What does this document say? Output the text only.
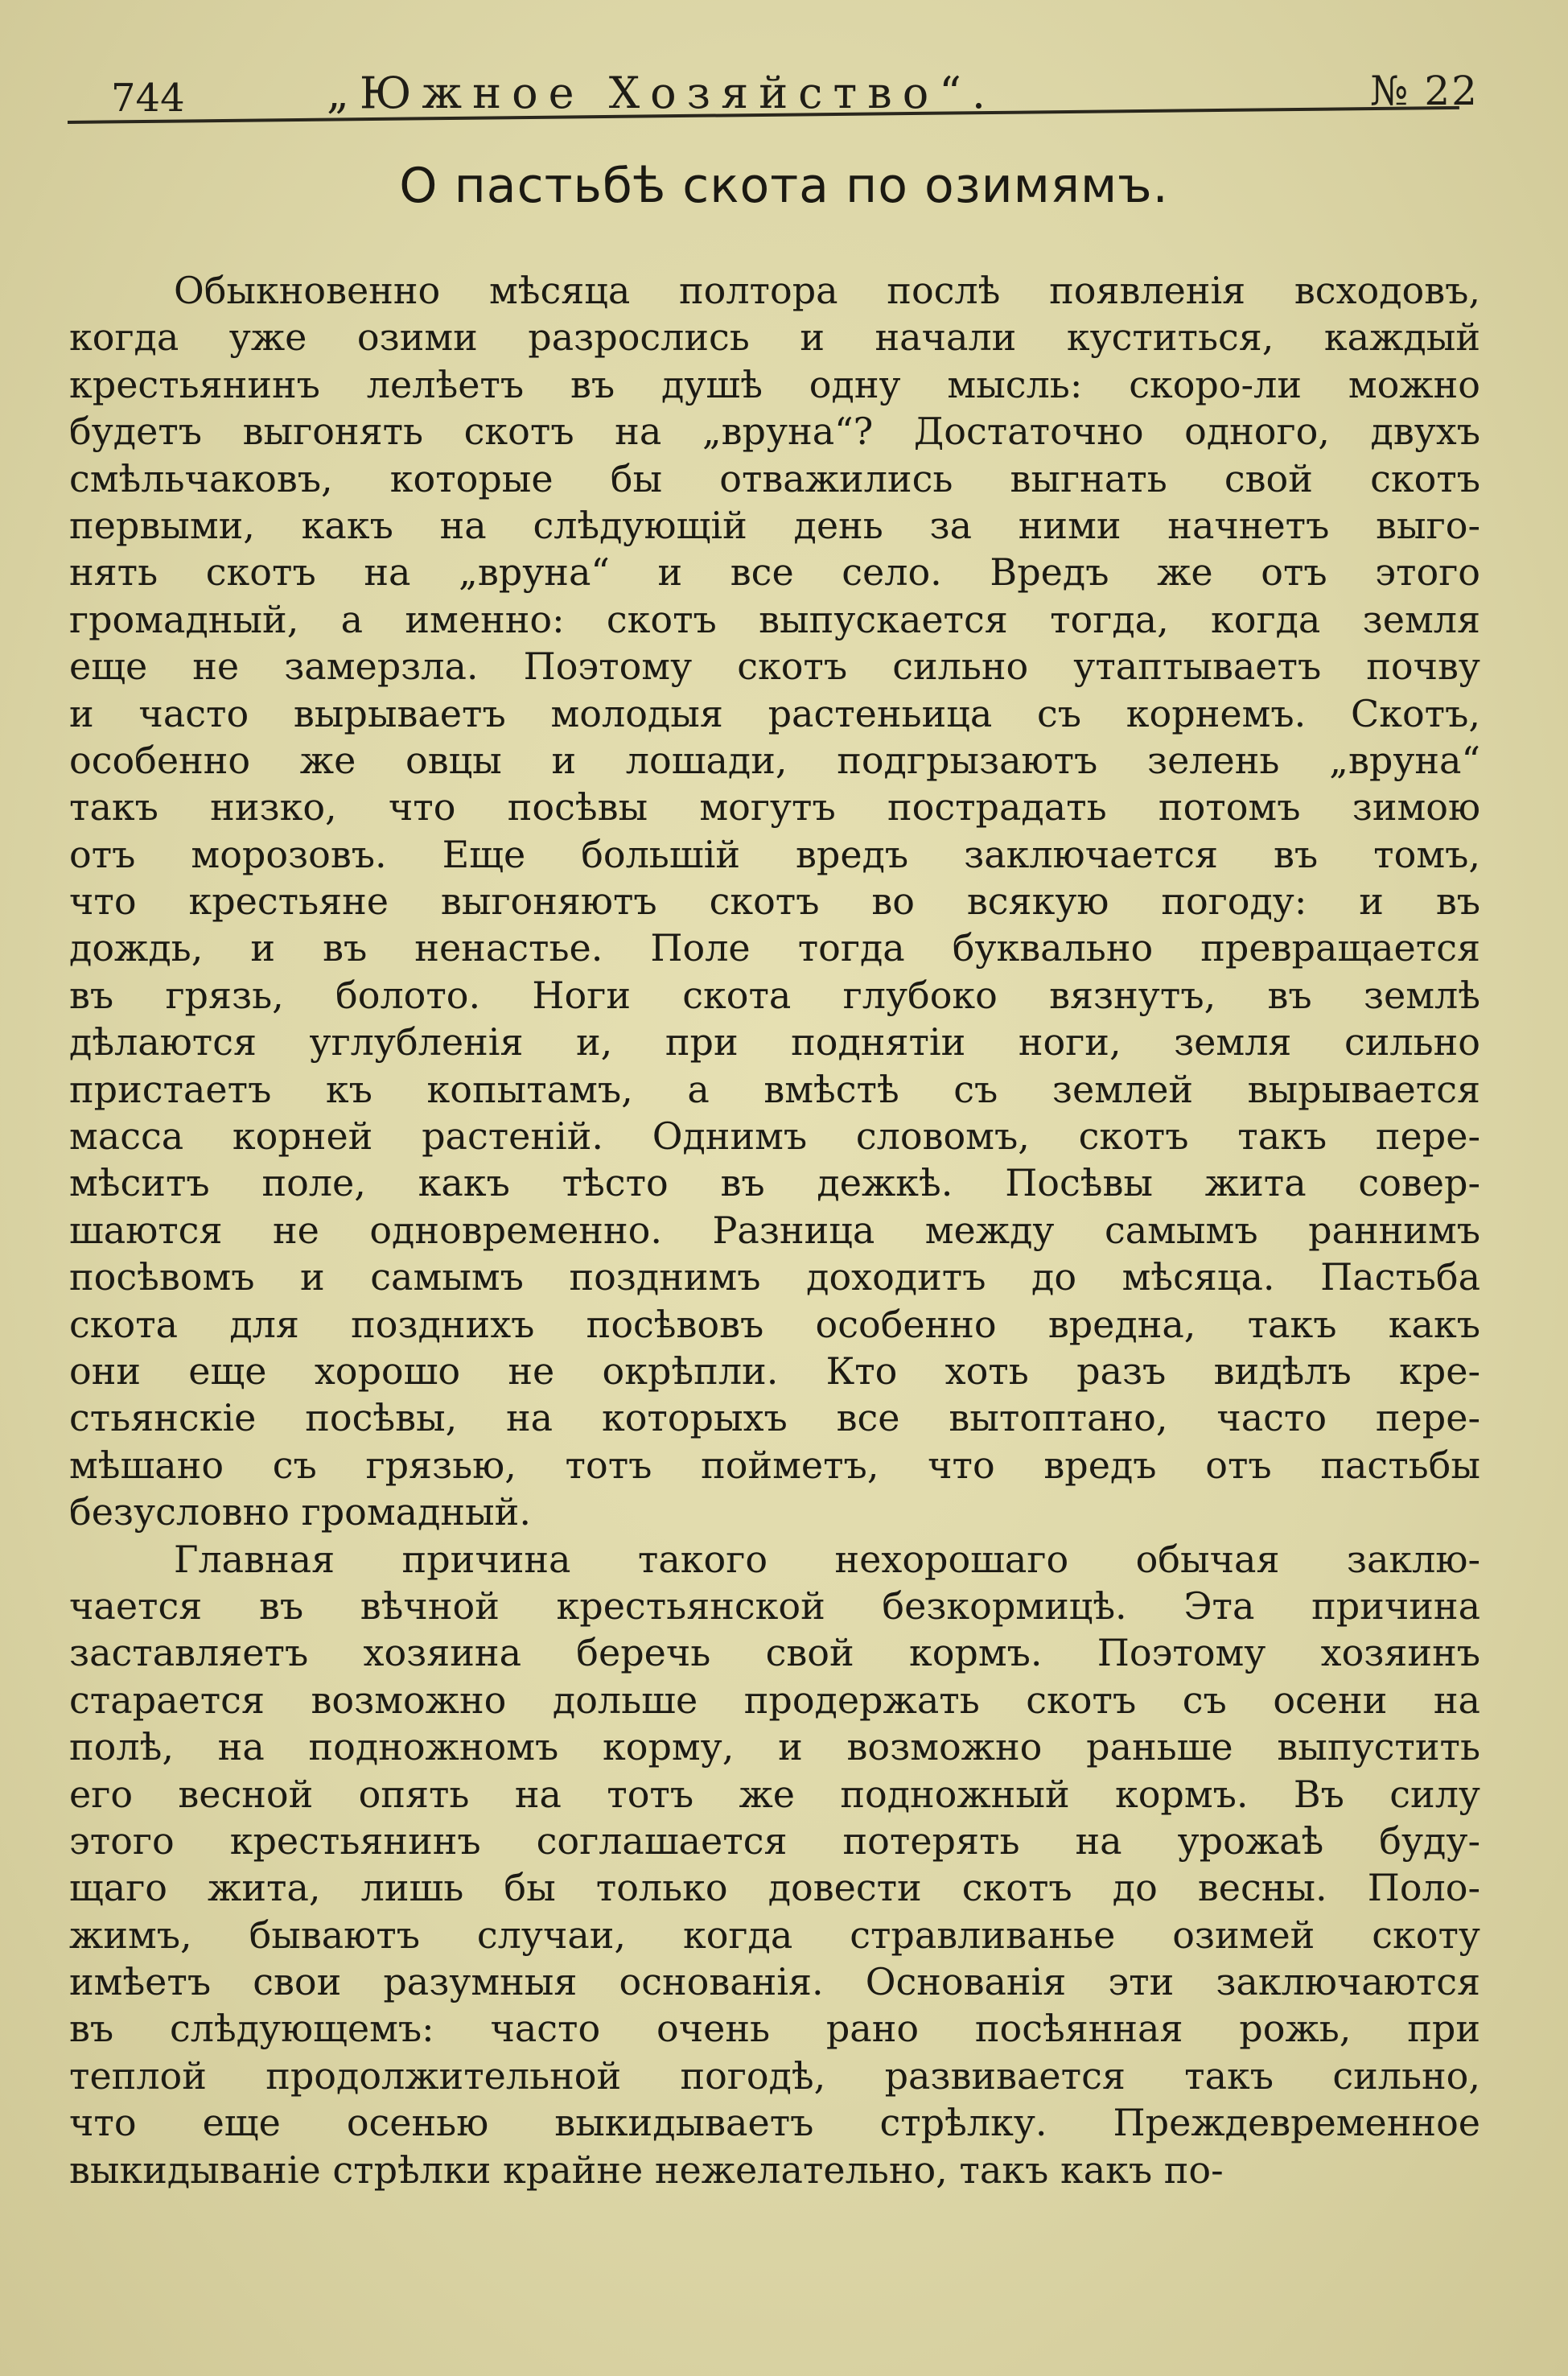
744	„Южное Хозяйство“.	№ 22
О пастьбѣ скота по озимямъ.
Обыкновенно мѣсяца полтора послѣ появленія всходовъ,
когда уже озими разрослись и начали куститься, каждый
крестьянинъ лелѣетъ въ душѣ одну мысль: скоро-ли можно
будетъ выгонять скотъ на „вруна“? Достаточно одного, двухъ
смѣльчаковъ, которые бы отважились выгнать свой скотъ
первыми, какъ на слѣдующій день за ними начнетъ выго-
нять скотъ на „вруна“ и все село. Вредъ же отъ этого
громадный, а именно: скотъ выпускается тогда, когда земля
еще не замерзла. Поэтому скотъ сильно утаптываетъ почву
и часто вырываетъ молодыя растеньица съ корнемъ. Скотъ,
особенно же овцы и лошади, подгрызаютъ зелень „вруна“
такъ низко, что посѣвы могутъ пострадать потомъ зимою
отъ морозовъ. Еще большій вредъ заключается въ томъ,
что крестьяне выгоняютъ скотъ во всякую погоду: и въ
дождь, и въ ненастье. Поле тогда буквально превращается
въ грязь, болото. Ноги скота глубоко вязнутъ, въ землѣ
дѣлаются углубленія и, при поднятіи ноги, земля сильно
пристаетъ къ копытамъ, а вмѣстѣ съ землей вырывается
масса корней растеній. Однимъ словомъ, скотъ такъ пере-
мѣситъ поле, какъ тѣсто въ дежкѣ. Посѣвы жита совер-
шаются не одновременно. Разница между самымъ раннимъ
посѣвомъ и самымъ позднимъ доходитъ до мѣсяца. Пастьба
скота для позднихъ посѣвовъ особенно вредна, такъ какъ
они еще хорошо не окрѣпли. Кто хоть разъ видѣлъ кре-
стьянскіе посѣвы, на которыхъ все вытоптано, часто пере-
мѣшано съ грязью, тотъ пойметъ, что вредъ отъ пастьбы
безусловно громадный.
Главная причина такого нехорошаго обычая заклю-
чается въ вѣчной крестьянской безкормицѣ. Эта причина
заставляетъ хозяина беречь свой кормъ. Поэтому хозяинъ
старается возможно дольше продержать скотъ съ осени на
полѣ, на подножномъ корму, и возможно раньше выпустить
его весной опять на тотъ же подножный кормъ. Въ силу
этого крестьянинъ соглашается потерять на урожаѣ буду-
щаго жита, лишь бы только довести скотъ до весны. Поло-
жимъ, бываютъ случаи, когда стравливанье озимей скоту
имѣетъ свои разумныя основанія. Основанія эти заключаются
въ слѣдующемъ: часто очень рано посѣянная рожь, при
теплой продолжительной погодѣ, развивается такъ сильно,
что еще осенью выкидываетъ стрѣлку. Преждевременное
выкидываніе стрѣлки крайне нежелательно, такъ какъ по-
